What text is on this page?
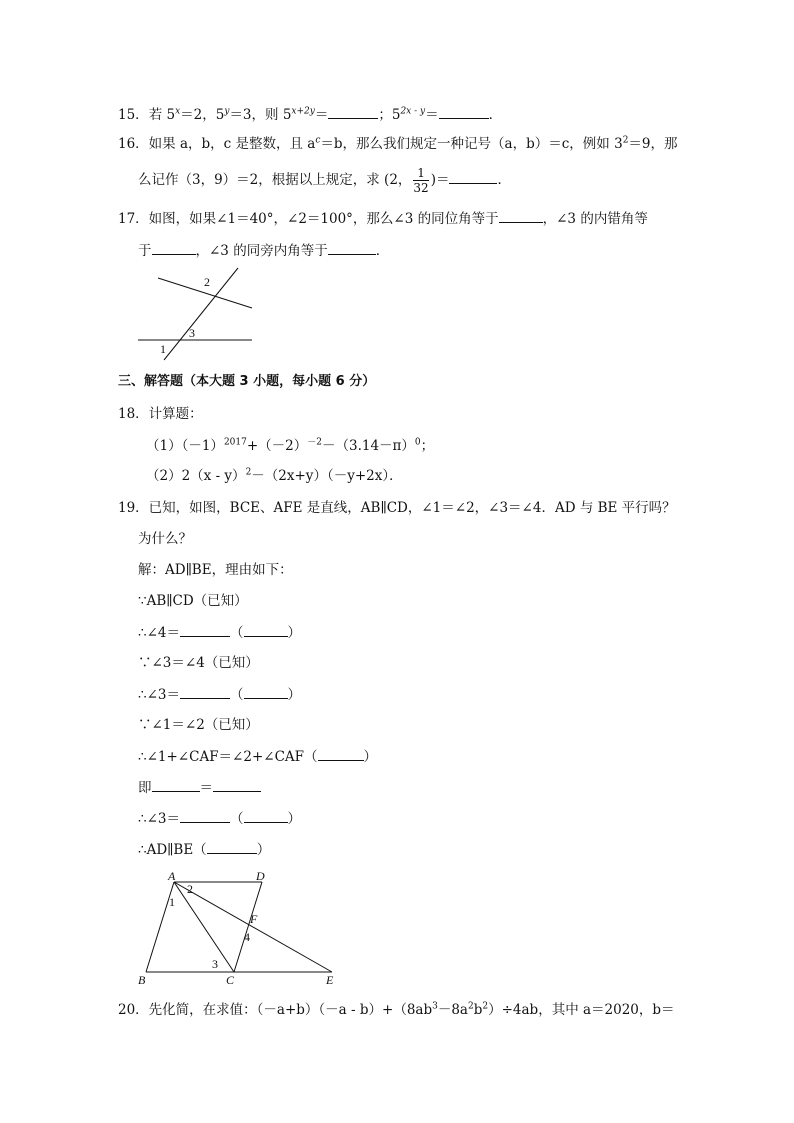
15．若 $5^x=2$，$5^y=3$，则 $5^{x+2y}=$	；$5^{2x - y}=$	．
16．如果 a，b，c 是整数，且 $a^c=b$，那么我们规定一种记号（a，b）＝c，例如 $3^2=9$，那
么记作（3，9）＝2，根据以上规定，求 (2， $\frac{1}{32}$ )＝	．
17．如图，如果∠1＝40°，∠2＝100°，那么∠3 的同位角等于	，∠3 的内错角等
于	，∠3 的同旁内角等于	．
2
3
1
三、解答题（本大题 3 小题，每小题 6 分）
18．计算题：
$(1)(-1)^{2017}+(-2)^{-2}-(3.14-\pi)^0$；
（2）2（x - y）$^2$－（2x+y）（－y+2x）．
19．已知，如图，BCE、AFE 是直线，AB∥CD，∠1＝∠2，∠3＝∠4．AD 与 BE 平行吗？
为什么？
解：AD∥BE，理由如下：
∵AB∥CD（已知）
∴∠4＝	（	）
∵∠3＝∠4（已知）
∴∠3＝	（	）
∵∠1＝∠2（已知）
∴∠1+∠CAF＝∠2+∠CAF（	）
即	＝
∴∠3＝	（	）
∴AD∥BE（	）
A	D
B	C	E
F
1
2
3
4
20．先化简，在求值：$(-a+b)(-a - b)+(8ab^3-8a^2b^2)\div 4ab$，其中 a＝2020，b＝
